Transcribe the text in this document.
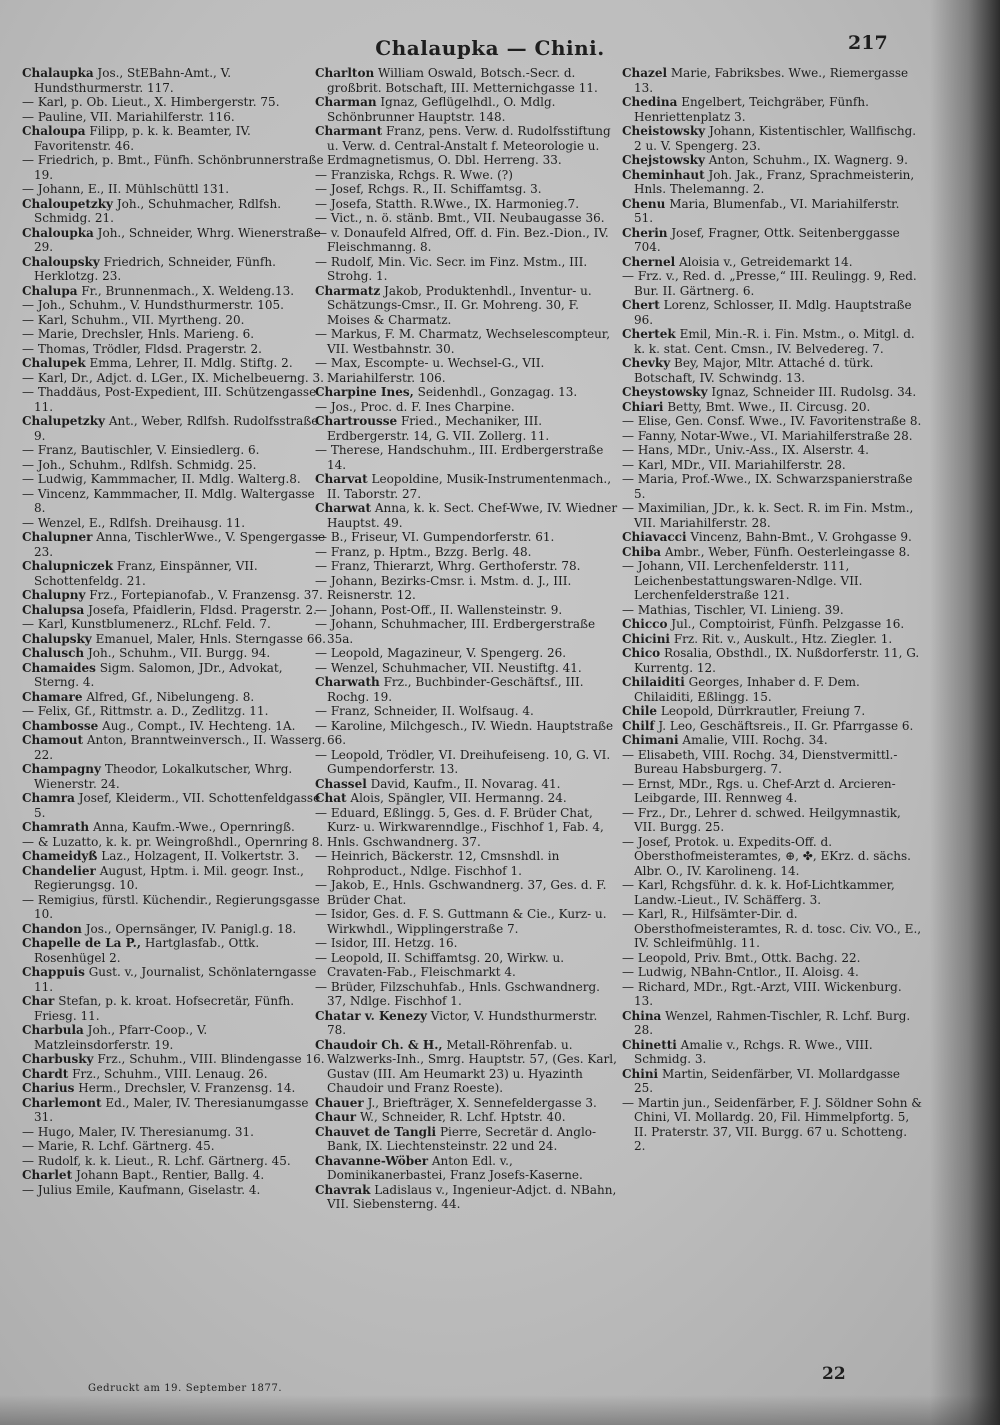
Chalaupka — Chini.	217
Chalaupka Jos., StEBahn-Amt., V. Hundsthurmerstr. 117.
— Karl, p. Ob. Lieut., X. Himbergerstr. 75.
— Pauline, VII. Mariahilferstr. 116.
Chaloupa Filipp, p. k. k. Beamter, IV. Favoritenstr. 46.
— Friedrich, p. Bmt., Fünfh. Schönbrunnerstraße 19.
— Johann, E., II. Mühlschüttl 131.
Chaloupetzky Joh., Schuhmacher, Rdlfsh. Schmidg. 21.
Chaloupka Joh., Schneider, Whrg. Wienerstraße 29.
Chaloupsky Friedrich, Schneider, Fünfh. Herklotzg. 23.
Chalupa Fr., Brunnenmach., X. Weldeng.13.
— Joh., Schuhm., V. Hundsthurmerstr. 105.
— Karl, Schuhm., VII. Myrtheng. 20.
— Marie, Drechsler, Hnls. Marieng. 6.
— Thomas, Trödler, Fldsd. Pragerstr. 2.
Chalupek Emma, Lehrer, II. Mdlg. Stiftg. 2.
— Karl, Dr., Adjct. d. LGer., IX. Michelbeuerng. 3.
— Thaddäus, Post-Expedient, III. Schützengasse 11.
Chalupetzky Ant., Weber, Rdlfsh. Rudolfsstraße 9.
— Franz, Bautischler, V. Einsiedlerg. 6.
— Joh., Schuhm., Rdlfsh. Schmidg. 25.
— Ludwig, Kammmacher, II. Mdlg. Walterg.8.
— Vincenz, Kammmacher, II. Mdlg. Waltergasse 8.
— Wenzel, E., Rdlfsh. Dreihausg. 11.
Chalupner Anna, TischlerWwe., V. Spengergasse 23.
Chalupniczek Franz, Einspänner, VII. Schottenfeldg. 21.
Chalupny Frz., Fortepianofab., V. Franzensg. 37.
Chalupsa Josefa, Pfaidlerin, Fldsd. Pragerstr. 2.
— Karl, Kunstblumenerz., RLchf. Feld. 7.
Chalupsky Emanuel, Maler, Hnls. Sterngasse 66.
Chalusch Joh., Schuhm., VII. Burgg. 94.
Chamaides Sigm. Salomon, JDr., Advokat, Sterng. 4.
Chamare Alfred, Gf., Nibelungeng. 8.
— Felix, Gf., Rittmstr. a. D., Zedlitzg. 11.
Chambosse Aug., Compt., IV. Hechteng. 1A.
Chamout Anton, Branntweinversch., II. Wasserg. 22.
Champagny Theodor, Lokalkutscher, Whrg. Wienerstr. 24.
Chamra Josef, Kleiderm., VII. Schottenfeldgasse 5.
Chamrath Anna, Kaufm.-Wwe., Opernringß.
— & Luzatto, k. k. pr. Weingroßhdl., Opernring 8.
Chameidyß Laz., Holzagent, II. Volkertstr. 3.
Chandelier August, Hptm. i. Mil. geogr. Inst., Regierungsg. 10.
— Remigius, fürstl. Küchendir., Regierungsgasse 10.
Chandon Jos., Opernsänger, IV. Panigl.g. 18.
Chapelle de La P., Hartglasfab., Ottk. Rosenhügel 2.
Chappuis Gust. v., Journalist, Schönlaterngasse 11.
Char Stefan, p. k. kroat. Hofsecretär, Fünfh. Friesg. 11.
Charbula Joh., Pfarr-Coop., V. Matzleinsdorferstr. 19.
Charbusky Frz., Schuhm., VIII. Blindengasse 16.
Chardt Frz., Schuhm., VIII. Lenaug. 26.
Charius Herm., Drechsler, V. Franzensg. 14.
Charlemont Ed., Maler, IV. Theresianumgasse 31.
— Hugo, Maler, IV. Theresianumg. 31.
— Marie, R. Lchf. Gärtnerg. 45.
— Rudolf, k. k. Lieut., R. Lchf. Gärtnerg. 45.
Charlet Johann Bapt., Rentier, Ballg. 4.
— Julius Emile, Kaufmann, Giselastr. 4.
Charlton William Oswald, Botsch.-Secr. d. großbrit. Botschaft, III. Metternichgasse 11.
Charman Ignaz, Geflügelhdl., O. Mdlg. Schönbrunner Hauptstr. 148.
Charmant Franz, pens. Verw. d. Rudolfsstiftung u. Verw. d. Central-Anstalt f. Meteorologie u. Erdmagnetismus, O. Dbl. Herreng. 33.
— Franziska, Rchgs. R. Wwe. (?)
— Josef, Rchgs. R., II. Schiffamtsg. 3.
— Josefa, Statth. R.Wwe., IX. Harmonieg.7.
— Vict., n. ö. stänb. Bmt., VII. Neubaugasse 36.
— v. Donaufeld Alfred, Off. d. Fin. Bez.-Dion., IV. Fleischmanng. 8.
— Rudolf, Min. Vic. Secr. im Finz. Mstm., III. Strohg. 1.
Charmatz Jakob, Produktenhdl., Inventur- u. Schätzungs-Cmsr., II. Gr. Mohreng. 30, F. Moises & Charmatz.
— Markus, F. M. Charmatz, Wechselescompteur, VII. Westbahnstr. 30.
— Max, Escompte- u. Wechsel-G., VII. Mariahilferstr. 106.
Charpine Ines, Seidenhdl., Gonzagag. 13.
— Jos., Proc. d. F. Ines Charpine.
Chartrousse Fried., Mechaniker, III. Erdbergerstr. 14, G. VII. Zollerg. 11.
— Therese, Handschuhm., III. Erdbergerstraße 14.
Charvat Leopoldine, Musik-Instrumentenmach., II. Taborstr. 27.
Charwat Anna, k. k. Sect. Chef-Wwe, IV. Wiedner Hauptst. 49.
— B., Friseur, VI. Gumpendorferstr. 61.
— Franz, p. Hptm., Bzzg. Berlg. 48.
— Franz, Thierarzt, Whrg. Gerthoferstr. 78.
— Johann, Bezirks-Cmsr. i. Mstm. d. J., III. Reisnerstr. 12.
— Johann, Post-Off., II. Wallensteinstr. 9.
— Johann, Schuhmacher, III. Erdbergerstraße 35a.
— Leopold, Magazineur, V. Spengerg. 26.
— Wenzel, Schuhmacher, VII. Neustiftg. 41.
Charwath Frz., Buchbinder-Geschäftsf., III. Rochg. 19.
— Franz, Schneider, II. Wolfsaug. 4.
— Karoline, Milchgesch., IV. Wiedn. Hauptstraße 66.
— Leopold, Trödler, VI. Dreihufeiseng. 10, G. VI. Gumpendorferstr. 13.
Chassel David, Kaufm., II. Novarag. 41.
Chat Alois, Spängler, VII. Hermanng. 24.
— Eduard, Eßlingg. 5, Ges. d. F. Brüder Chat, Kurz- u. Wirkwarenndlge., Fischhof 1, Fab. 4, Hnls. Gschwandnerg. 37.
— Heinrich, Bäckerstr. 12, Cmsnshdl. in Rohproduct., Ndlge. Fischhof 1.
— Jakob, E., Hnls. Gschwandnerg. 37, Ges. d. F. Brüder Chat.
— Isidor, Ges. d. F. S. Guttmann & Cie., Kurz- u. Wirkwhdl., Wipplingerstraße 7.
— Isidor, III. Hetzg. 16.
— Leopold, II. Schiffamtsg. 20, Wirkw. u. Cravaten-Fab., Fleischmarkt 4.
— Brüder, Filzschuhfab., Hnls. Gschwandnerg. 37, Ndlge. Fischhof 1.
Chatar v. Kenezy Victor, V. Hundsthurmerstr. 78.
Chaudoir Ch. & H., Metall-Röhrenfab. u. Walzwerks-Inh., Smrg. Hauptstr. 57, (Ges. Karl, Gustav (III. Am Heumarkt 23) u. Hyazinth Chaudoir und Franz Roeste).
Chauer J., Briefträger, X. Sennefeldergasse 3.
Chaur W., Schneider, R. Lchf. Hptstr. 40.
Chauvet de Tangli Pierre, Secretär d. Anglo-Bank, IX. Liechtensteinstr. 22 und 24.
Chavanne-Wöber Anton Edl. v., Dominikanerbastei, Franz Josefs-Kaserne.
Chavrak Ladislaus v., Ingenieur-Adjct. d. NBahn, VII. Siebensterng. 44.
Chazel Marie, Fabriksbes. Wwe., Riemergasse 13.
Chedina Engelbert, Teichgräber, Fünfh. Henriettenplatz 3.
Cheistowsky Johann, Kistentischler, Wallfischg. 2 u. V. Spengerg. 23.
Chejstowsky Anton, Schuhm., IX. Wagnerg. 9.
Cheminhaut Joh. Jak., Franz, Sprachmeisterin, Hnls. Thelemanng. 2.
Chenu Maria, Blumenfab., VI. Mariahilferstr. 51.
Cherin Josef, Fragner, Ottk. Seitenberggasse 704.
Chernel Aloisia v., Getreidemarkt 14.
— Frz. v., Red. d. „Presse,“ III. Reulingg. 9, Red. Bur. II. Gärtnerg. 6.
Chert Lorenz, Schlosser, II. Mdlg. Hauptstraße 96.
Chertek Emil, Min.-R. i. Fin. Mstm., o. Mitgl. d. k. k. stat. Cent. Cmsn., IV. Belvedereg. 7.
Chevky Bey, Major, Mltr. Attaché d. türk. Botschaft, IV. Schwindg. 13.
Cheystowsky Ignaz, Schneider III. Rudolsg. 34.
Chiari Betty, Bmt. Wwe., II. Circusg. 20.
— Elise, Gen. Consf. Wwe., IV. Favoritenstraße 8.
— Fanny, Notar-Wwe., VI. Mariahilferstraße 28.
— Hans, MDr., Univ.-Ass., IX. Alserstr. 4.
— Karl, MDr., VII. Mariahilferstr. 28.
— Maria, Prof.-Wwe., IX. Schwarzspanierstraße 5.
— Maximilian, JDr., k. k. Sect. R. im Fin. Mstm., VII. Mariahilferstr. 28.
Chiavacci Vincenz, Bahn-Bmt., V. Grohgasse 9.
Chiba Ambr., Weber, Fünfh. Oesterleingasse 8.
— Johann, VII. Lerchenfelderstr. 111, Leichenbestattungswaren-Ndlge. VII. Lerchenfelderstraße 121.
— Mathias, Tischler, VI. Linieng. 39.
Chicco Jul., Comptoirist, Fünfh. Pelzgasse 16.
Chicini Frz. Rit. v., Auskult., Htz. Ziegler. 1.
Chico Rosalia, Obsthdl., IX. Nußdorferstr. 11, G. Kurrentg. 12.
Chilaiditi Georges, Inhaber d. F. Dem. Chilaiditi, Eßlingg. 15.
Chile Leopold, Dürrkrautler, Freiung 7.
Chilf J. Leo, Geschäftsreis., II. Gr. Pfarrgasse 6.
Chimani Amalie, VIII. Rochg. 34.
— Elisabeth, VIII. Rochg. 34, Dienstvermittl.-Bureau Habsburgerg. 7.
— Ernst, MDr., Rgs. u. Chef-Arzt d. Arcieren-Leibgarde, III. Rennweg 4.
— Frz., Dr., Lehrer d. schwed. Heilgymnastik, VII. Burgg. 25.
— Josef, Protok. u. Expedits-Off. d. Obersthofmeisteramtes, ⊕, ✤, EKrz. d. sächs. Albr. O., IV. Karolineng. 14.
— Karl, Rchgsführ. d. k. k. Hof-Lichtkammer, Landw.-Lieut., IV. Schäfferg. 3.
— Karl, R., Hilfsämter-Dir. d. Obersthofmeisteramtes, R. d. tosc. Civ. VO., E., IV. Schleifmühlg. 11.
— Leopold, Priv. Bmt., Ottk. Bachg. 22.
— Ludwig, NBahn-Cntlor., II. Aloisg. 4.
— Richard, MDr., Rgt.-Arzt, VIII. Wickenburg. 13.
China Wenzel, Rahmen-Tischler, R. Lchf. Burg. 28.
Chinetti Amalie v., Rchgs. R. Wwe., VIII. Schmidg. 3.
Chini Martin, Seidenfärber, VI. Mollardgasse 25.
— Martin jun., Seidenfärber, F. J. Söldner Sohn & Chini, VI. Mollardg. 20, Fil. Himmelpfortg. 5, II. Praterstr. 37, VII. Burgg. 67 u. Schotteng. 2.
Gedruckt am 19. September 1877.
22
